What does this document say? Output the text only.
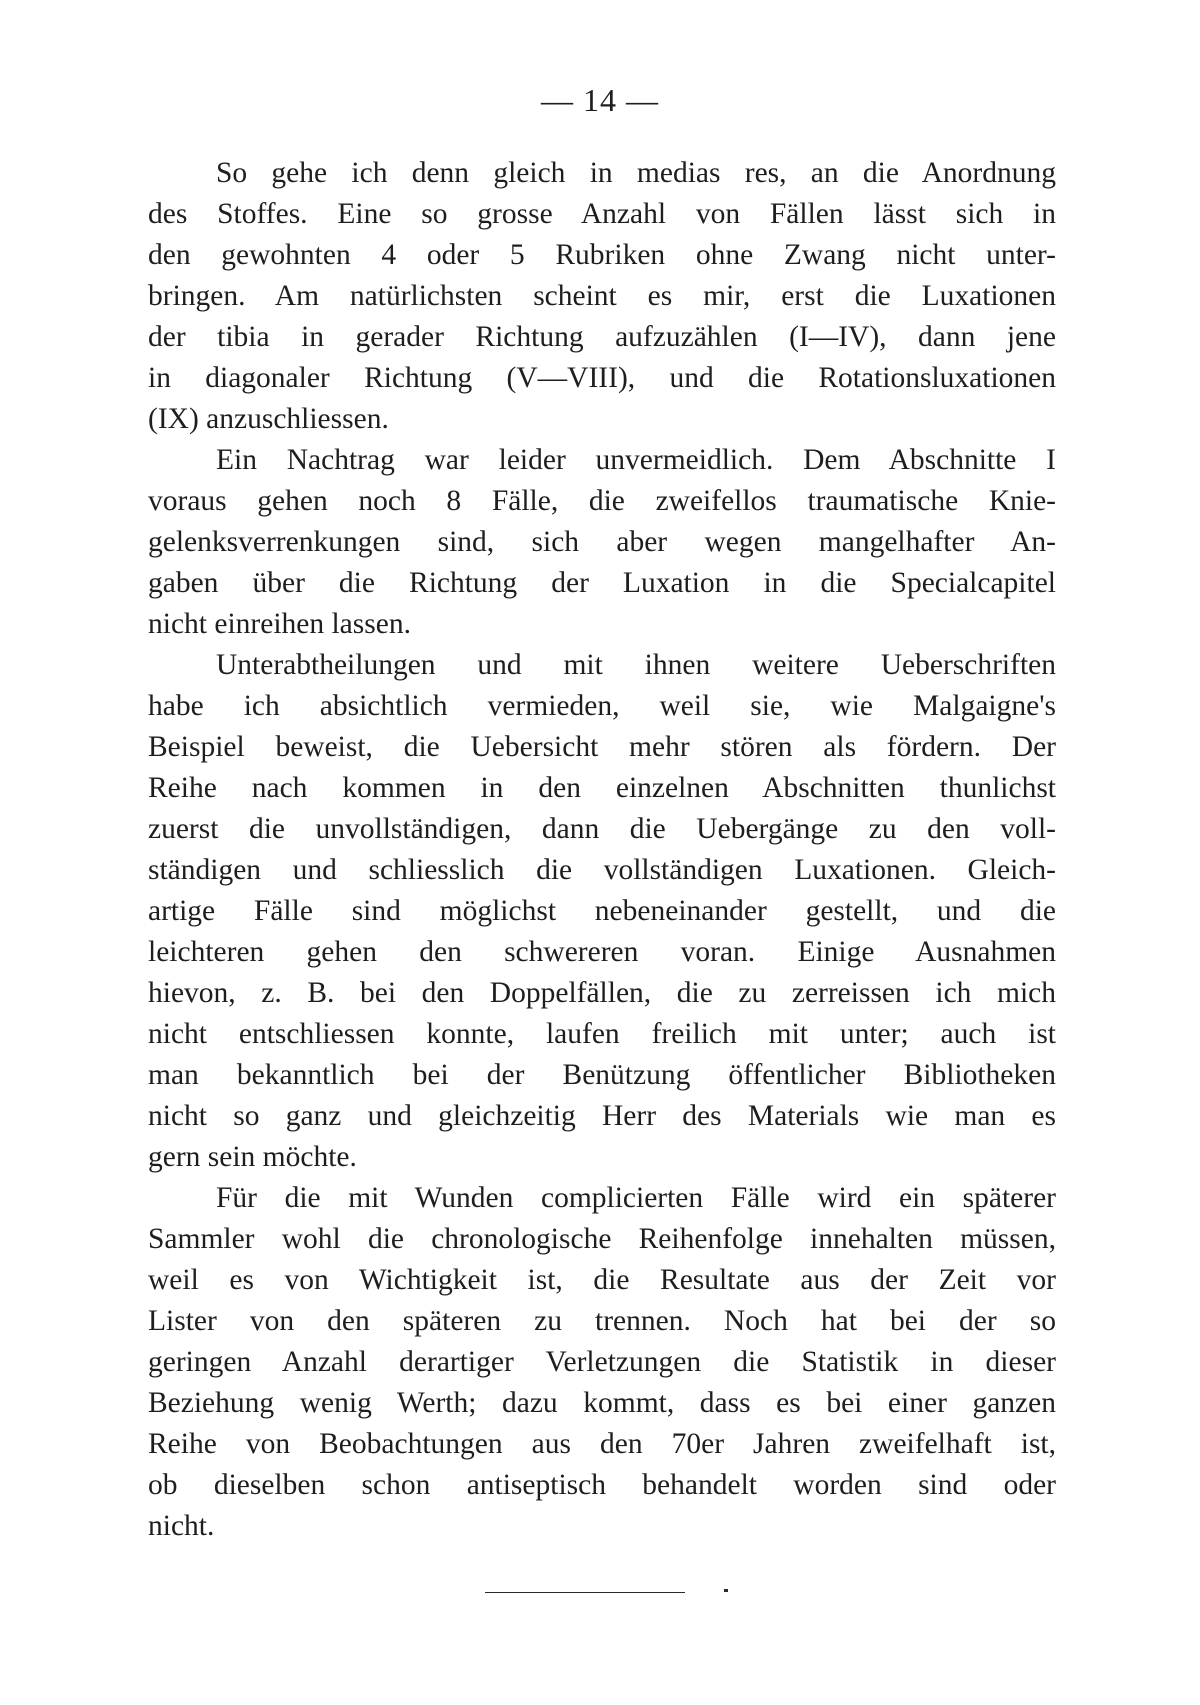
— 14 —
So gehe ich denn gleich in medias res, an die Anordnung
des Stoffes. Eine so grosse Anzahl von Fällen lässt sich in
den gewohnten 4 oder 5 Rubriken ohne Zwang nicht unter-
bringen. Am natürlichsten scheint es mir, erst die Luxationen
der tibia in gerader Richtung aufzuzählen (I—IV), dann jene
in diagonaler Richtung (V—VIII), und die Rotationsluxationen
(IX) anzuschliessen.
Ein Nachtrag war leider unvermeidlich. Dem Abschnitte I
voraus gehen noch 8 Fälle, die zweifellos traumatische Knie-
gelenksverrenkungen sind, sich aber wegen mangelhafter An-
gaben über die Richtung der Luxation in die Specialcapitel
nicht einreihen lassen.
Unterabtheilungen und mit ihnen weitere Ueberschriften
habe ich absichtlich vermieden, weil sie, wie Malgaigne's
Beispiel beweist, die Uebersicht mehr stören als fördern. Der
Reihe nach kommen in den einzelnen Abschnitten thunlichst
zuerst die unvollständigen, dann die Uebergänge zu den voll-
ständigen und schliesslich die vollständigen Luxationen. Gleich-
artige Fälle sind möglichst nebeneinander gestellt, und die
leichteren gehen den schwereren voran. Einige Ausnahmen
hievon, z. B. bei den Doppelfällen, die zu zerreissen ich mich
nicht entschliessen konnte, laufen freilich mit unter; auch ist
man bekanntlich bei der Benützung öffentlicher Bibliotheken
nicht so ganz und gleichzeitig Herr des Materials wie man es
gern sein möchte.
Für die mit Wunden complicierten Fälle wird ein späterer
Sammler wohl die chronologische Reihenfolge innehalten müssen,
weil es von Wichtigkeit ist, die Resultate aus der Zeit vor
Lister von den späteren zu trennen. Noch hat bei der so
geringen Anzahl derartiger Verletzungen die Statistik in dieser
Beziehung wenig Werth; dazu kommt, dass es bei einer ganzen
Reihe von Beobachtungen aus den 70er Jahren zweifelhaft ist,
ob dieselben schon antiseptisch behandelt worden sind oder
nicht.
